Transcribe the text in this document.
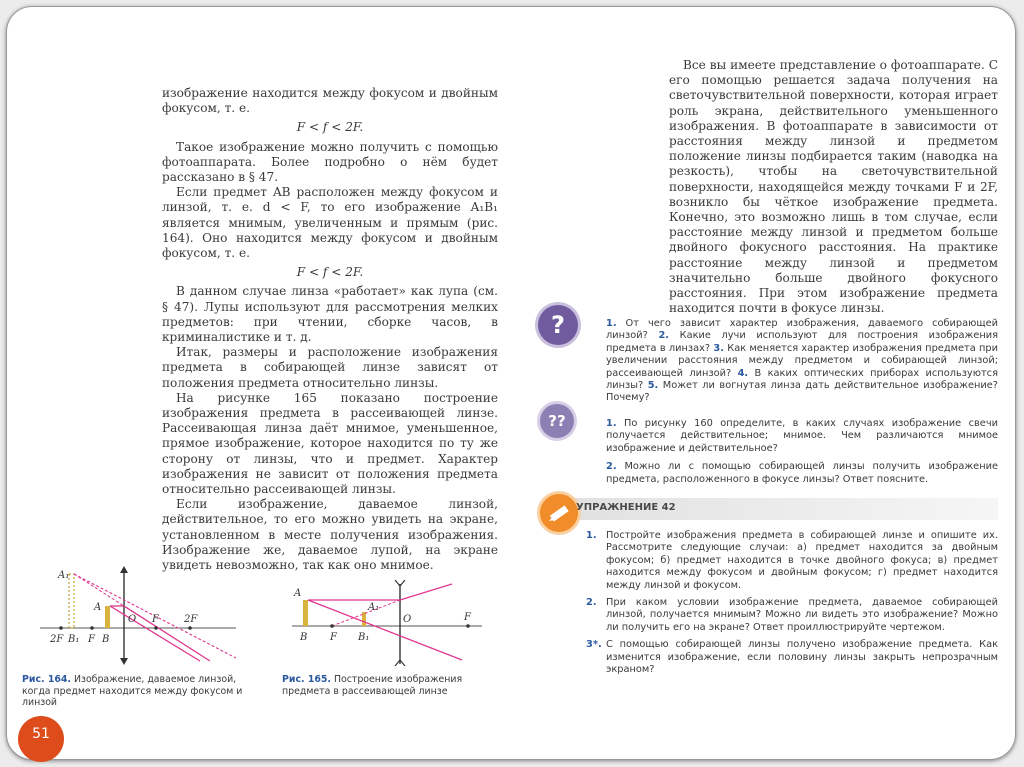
изображение находится между фокусом и двойным фокусом, т. е.

F < f < 2F.

Такое изображение можно получить с помощью фотоаппарата. Более подробно о нём будет рассказано в § 47.

Если предмет AB расположен между фокусом и линзой, т. е. d < F, то его изображение A₁B₁ является мнимым, увеличенным и прямым (рис. 164). Оно находится между фокусом и двойным фокусом, т. е.

F < f < 2F.

В данном случае линза «работает» как лупа (см. § 47). Лупы используют для рассмотрения мелких предметов: при чтении, сборке часов, в криминалистике и т. д.

Итак, размеры и расположение изображения предмета в собирающей линзе зависят от положения предмета относительно линзы.

На рисунке 165 показано построение изображения предмета в рассеивающей линзе. Рассеивающая линза даёт мнимое, уменьшенное, прямое изображение, которое находится по ту же сторону от линзы, что и предмет. Характер изображения не зависит от положения предмета относительно рассеивающей линзы.

Если изображение, даваемое линзой, действительное, то его можно увидеть на экране, установленном в месте получения изображения. Изображение же, даваемое лупой, на экране увидеть невозможно, так как оно мнимое.

Все вы имеете представление о фотоаппарате. С его помощью решается задача получения на светочувствительной поверхности, которая играет роль экрана, действительного уменьшенного изображения. В фотоаппарате в зависимости от расстояния между линзой и предметом положение линзы подбирается таким (наводка на резкость), чтобы на светочувствительной поверхности, находящейся между точками F и 2F, возникло бы чёткое изображение предмета. Конечно, это возможно лишь в том случае, если расстояние между линзой и предметом больше двойного фокусного расстояния. На практике расстояние между линзой и предметом значительно больше двойного фокусного расстояния. При этом изображение предмета находится почти в фокусе линзы.

?
??

1. От чего зависит характер изображения, даваемого собирающей линзой? 2. Какие лучи используют для построения изображения предмета в линзах? 3. Как меняется характер изображения предмета при увеличении расстояния между предметом и собирающей линзой; рассеивающей линзой? 4. В каких оптических приборах используются линзы? 5. Может ли вогнутая линза дать действительное изображение? Почему?

1. По рисунку 160 определите, в каких случаях изображение свечи получается действительное; мнимое. Чем различаются мнимое изображение и действительное?

2. Можно ли с помощью собирающей линзы получить изображение предмета, расположенного в фокусе линзы? Ответ поясните.

УПРАЖНЕНИЕ 42
1. Постройте изображения предмета в собирающей линзе и опишите их. Рассмотрите следующие случаи: а) предмет находится за двойным фокусом; б) предмет находится в точке двойного фокуса; в) предмет находится между фокусом и двойным фокусом; г) предмет находится между линзой и фокусом.
2. При каком условии изображение предмета, даваемое собирающей линзой, получается мнимым? Можно ли видеть это изображение? Можно ли получить его на экране? Ответ проиллюстрируйте чертежом.
3*. С помощью собирающей линзы получено изображение предмета. Как изменится изображение, если половину линзы закрыть непрозрачным экраном?
A₁
A
O F	2F
2F B₁ F B
Рис. 164. Изображение, даваемое линзой, когда предмет находится между фокусом и линзой
A
A₁
O	F
B F B₁
Рис. 165. Построение изображения предмета в рассеивающей линзе
51
